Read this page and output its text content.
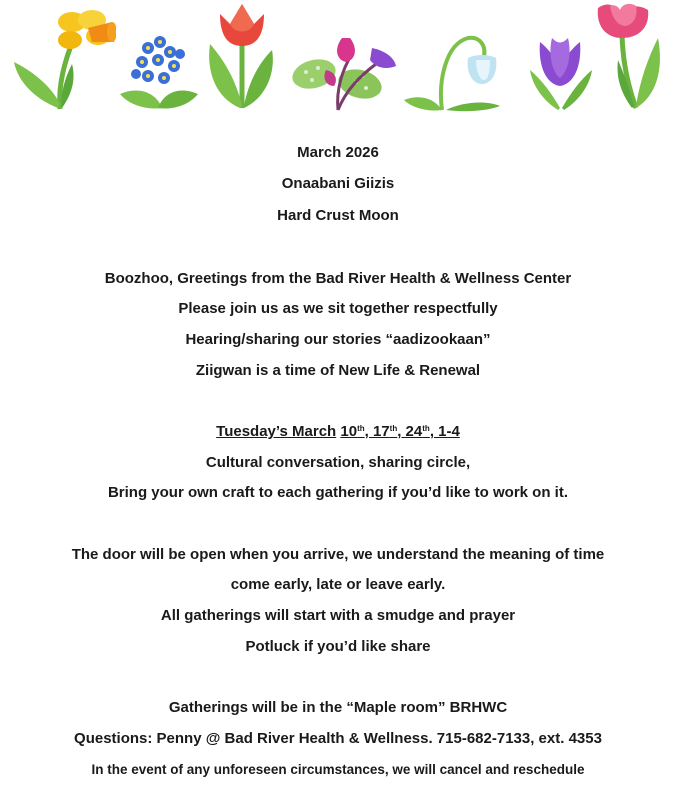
March 2026
Onaabani Giizis
Hard Crust Moon
Boozhoo, Greetings from the Bad River Health & Wellness Center
Please join us as we sit together respectfully
Hearing/sharing our stories “aadizookaan”
Ziigwan is a time of New Life & Renewal
Tuesday’s March 10th, 17th, 24th, 1-4
Cultural conversation, sharing circle,
Bring your own craft to each gathering if you’d like to work on it.
The door will be open when you arrive, we understand the meaning of time
come early, late or leave early.
All gatherings will start with a smudge and prayer
Potluck if you’d like share
Gatherings will be in the “Maple room” BRHWC
Questions: Penny @ Bad River Health & Wellness. 715-682-7133, ext. 4353
In the event of any unforeseen circumstances, we will cancel and reschedule
